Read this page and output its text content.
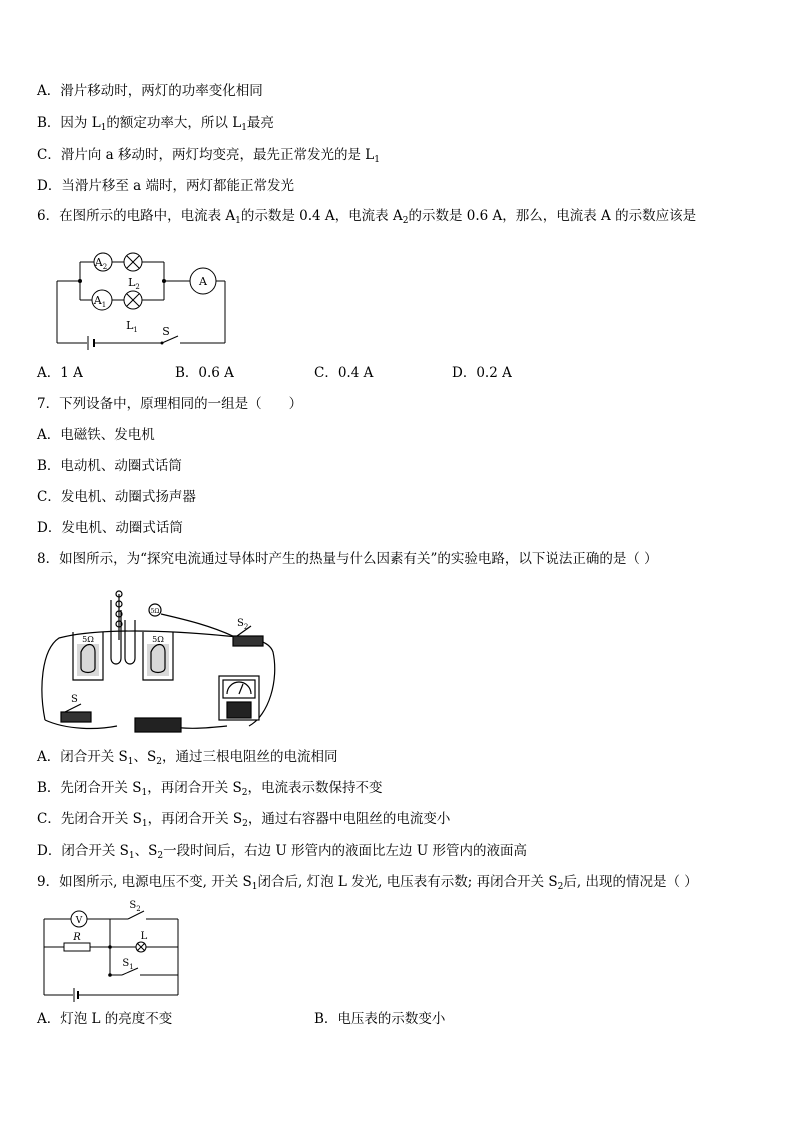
A．滑片移动时，两灯的功率变化相同
B．因为 $L_1$的额定功率大，所以 $L_1$最亮
C．滑片向 a 移动时，两灯均变亮，最先正常发光的是 $L_1$
D．当滑片移至 a 端时，两灯都能正常发光
6．在图所示的电路中，电流表 $A_1$的示数是 0.4 A，电流表 $A_2$的示数是 0.6 A，那么，电流表 A 的示数应该是
$A_2$
$A_1$
A
$L_2$
$L_1$ S
A．1 A	B．0.6 A	C．0.4 A	D．0.2 A
7．下列设备中，原理相同的一组是（　　）
A．电磁铁、发电机
B．电动机、动圈式话筒
C．发电机、动圈式扬声器
D．发电机、动圈式话筒
8．如图所示，为“探究电流通过导体时产生的热量与什么因素有关”的实验电路，以下说法正确的是（ ）
5Ω	5Ω
5Ω
S
$S_2$
A．闭合开关 $S_1$、$S_2$，通过三根电阻丝的电流相同
B．先闭合开关 $S_1$，再闭合开关 $S_2$，电流表示数保持不变
C．先闭合开关 $S_1$，再闭合开关 $S_2$，通过右容器中电阻丝的电流变小
D．闭合开关 $S_1$、$S_2$一段时间后，右边 U 形管内的液面比左边 U 形管内的液面高
9．如图所示, 电源电压不变, 开关 $S_1$闭合后, 灯泡 L 发光, 电压表有示数; 再闭合开关 $S_2$后, 出现的情况是（ ）
V
R	L
$S_2$
$S_1$
A．灯泡 L 的亮度不变	B．电压表的示数变小
